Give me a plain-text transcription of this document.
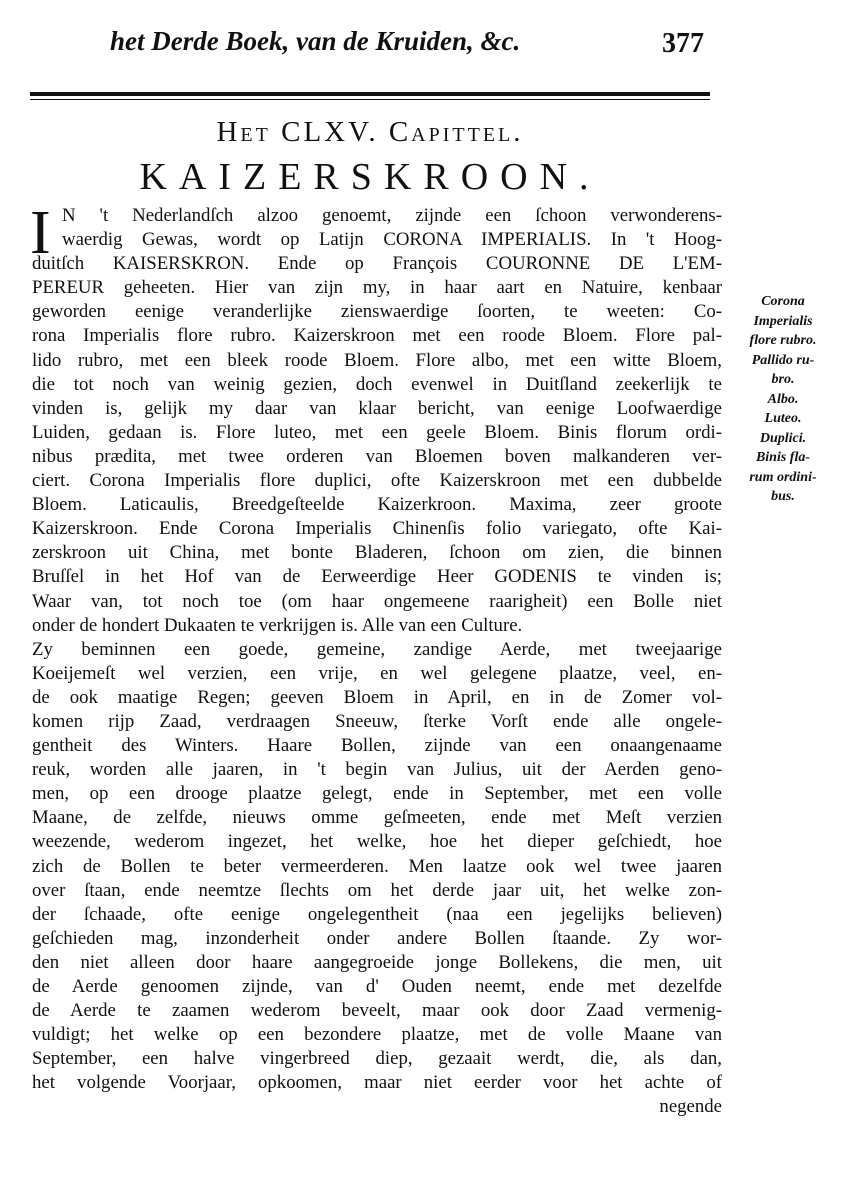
het Derde Boek, van de Kruiden, &c.	377
Het CLXV. Capittel.
KAIZERSKROON.
I N 't Nederlandſch alzoo genoemt, zijnde een ſchoon verwonderens-
waerdig Gewas, wordt op Latijn CORONA IMPERIALIS. In 't Hoog-
duitſch KAISERSKRON. Ende op François COURONNE DE L'EM-
PEREUR geheeten. Hier van zijn my, in haar aart en Natuire, kenbaar
geworden eenige veranderlijke zienswaerdige ſoorten, te weeten: Co-
rona Imperialis flore rubro. Kaizerskroon met een roode Bloem. Flore pal-
lido rubro, met een bleek roode Bloem. Flore albo, met een witte Bloem,
die tot noch van weinig gezien, doch evenwel in Duitſland zeekerlijk te
vinden is, gelijk my daar van klaar bericht, van eenige Loofwaerdige
Luiden, gedaan is. Flore luteo, met een geele Bloem. Binis florum ordi-
nibus prædita, met twee orderen van Bloemen boven malkanderen ver-
ciert. Corona Imperialis flore duplici, ofte Kaizerskroon met een dubbelde
Bloem. Laticaulis, Breedgeſteelde Kaizerkroon. Maxima, zeer groote
Kaizerskroon. Ende Corona Imperialis Chinenſis folio variegato, ofte Kai-
zerskroon uit China, met bonte Bladeren, ſchoon om zien, die binnen
Bruſſel in het Hof van de Eerweerdige Heer GODENIS te vinden is;
Waar van, tot noch toe (om haar ongemeene raarigheit) een Bolle niet
onder de hondert Dukaaten te verkrijgen is. Alle van een Culture.
Zy beminnen een goede, gemeine, zandige Aerde, met tweejaarige
Koeijemeſt wel verzien, een vrije, en wel gelegene plaatze, veel, en-
de ook maatige Regen; geeven Bloem in April, en in de Zomer vol-
komen rijp Zaad, verdraagen Sneeuw, ſterke Vorſt ende alle ongele-
gentheit des Winters. Haare Bollen, zijnde van een onaangenaame
reuk, worden alle jaaren, in 't begin van Julius, uit der Aerden geno-
men, op een drooge plaatze gelegt, ende in September, met een volle
Maane, de zelfde, nieuws omme geſmeeten, ende met Meſt verzien
weezende, wederom ingezet, het welke, hoe het dieper geſchiedt, hoe
zich de Bollen te beter vermeerderen. Men laatze ook wel twee jaaren
over ſtaan, ende neemtze ſlechts om het derde jaar uit, het welke zon-
der ſchaade, ofte eenige ongelegentheit (naa een jegelijks believen)
geſchieden mag, inzonderheit onder andere Bollen ſtaande. Zy wor-
den niet alleen door haare aangegroeide jonge Bollekens, die men, uit
de Aerde genoomen zijnde, van d' Ouden neemt, ende met dezelfde
de Aerde te zaamen wederom beveelt, maar ook door Zaad vermenig-
vuldigt; het welke op een bezondere plaatze, met de volle Maane van
September, een halve vingerbreed diep, gezaait werdt, die, als dan,
het volgende Voorjaar, opkoomen, maar niet eerder voor het achte of
negende
Corona
Imperialis
flore rubro.
Pallido ru-
bro.
Albo.
Luteo.
Duplici.
Binis fla-
rum ordini-
bus.
